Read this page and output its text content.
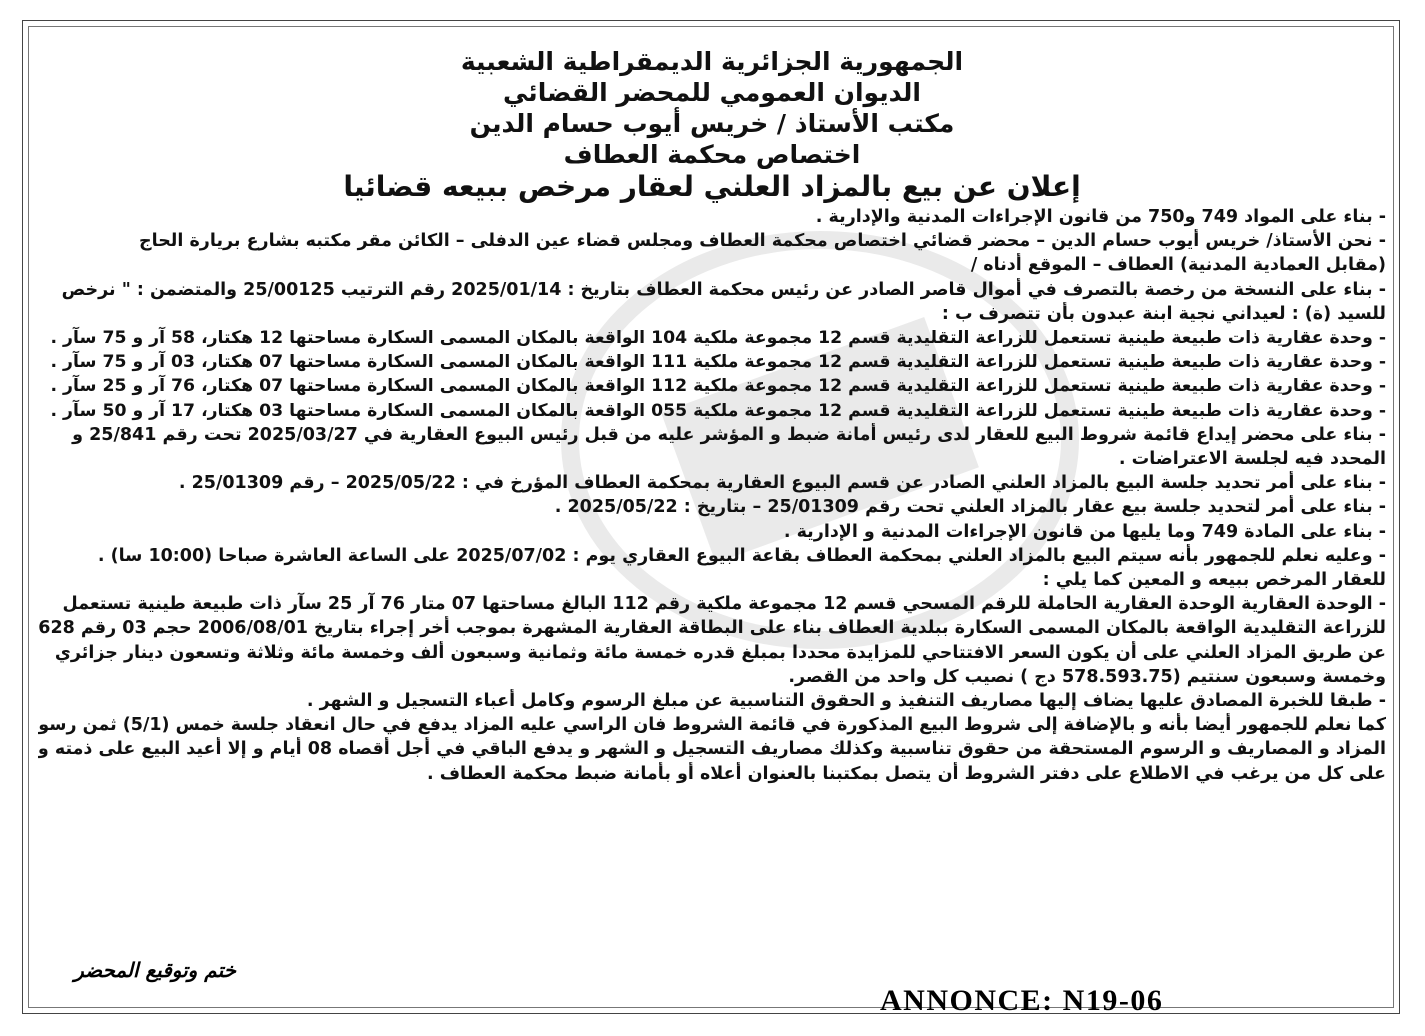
الجمهورية الجزائرية الديمقراطية الشعبية
الديوان العمومي للمحضر القضائي
مكتب الأستاذ / خريس أيوب حسام الدين
اختصاص محكمة العطاف
إعلان عن بيع بالمزاد العلني لعقار مرخص ببيعه قضائيا
- بناء على المواد 749 و750 من قانون الإجراءات المدنية والإدارية .
- نحن الأستاذ/ خريس أيوب حسام الدين – محضر قضائي اختصاص محكمة العطاف ومجلس قضاء عين الدفلى – الكائن مقر مكتبه بشارع بريارة الحاج
(مقابل العمادية المدنية) العطاف – الموقع أدناه /
- بناء على النسخة من رخصة بالتصرف في أموال قاصر الصادر عن رئيس محكمة العطاف بتاريخ : 2025/01/14 رقم الترتيب 25/00125 والمتضمن : " نرخص
للسيد (ة) : لعيداني نجية ابنة عبدون بأن تتصرف ب :
- وحدة عقارية ذات طبيعة طينية تستعمل للزراعة التقليدية قسم 12 مجموعة ملكية 104 الواقعة بالمكان المسمى السكارة مساحتها 12 هكتار، 58 آر و 75 سآر .
- وحدة عقارية ذات طبيعة طينية تستعمل للزراعة التقليدية قسم 12 مجموعة ملكية 111 الواقعة بالمكان المسمى السكارة مساحتها 07 هكتار، 03 آر و 75 سآر .
- وحدة عقارية ذات طبيعة طينية تستعمل للزراعة التقليدية قسم 12 مجموعة ملكية 112 الواقعة بالمكان المسمى السكارة مساحتها 07 هكتار، 76 آر و 25 سآر .
- وحدة عقارية ذات طبيعة طينية تستعمل للزراعة التقليدية قسم 12 مجموعة ملكية 055 الواقعة بالمكان المسمى السكارة مساحتها 03 هكتار، 17 آر و 50 سآر .
- بناء على محضر إيداع قائمة شروط البيع للعقار لدى رئيس أمانة ضبط و المؤشر عليه من قبل رئيس البيوع العقارية في 2025/03/27 تحت رقم 25/841 و
المحدد فيه لجلسة الاعتراضات .
- بناء على أمر تحديد جلسة البيع بالمزاد العلني الصادر عن قسم البيوع العقارية بمحكمة العطاف المؤرخ في : 2025/05/22 – رقم 25/01309 .
- بناء على أمر لتحديد جلسة بيع عقار بالمزاد العلني تحت رقم 25/01309 – بتاريخ : 2025/05/22 .
- بناء على المادة 749 وما يليها من قانون الإجراءات المدنية و الإدارية .
- وعليه نعلم للجمهور بأنه سيتم البيع بالمزاد العلني بمحكمة العطاف بقاعة البيوع العقاري يوم : 2025/07/02 على الساعة العاشرة صباحا (10:00 سا) .
للعقار المرخص ببيعه و المعين كما يلي :
- الوحدة العقارية الوحدة العقارية الحاملة للرقم المسحي قسم 12 مجموعة ملكية رقم 112 البالغ مساحتها 07 متار 76 آر 25 سآر ذات طبيعة طينية تستعمل
للزراعة التقليدية الواقعة بالمكان المسمى السكارة ببلدية العطاف بناء على البطاقة العقارية المشهرة بموجب أخر إجراء بتاريخ 2006/08/01 حجم 03 رقم 628
عن طريق المزاد العلني على أن يكون السعر الافتتاحي للمزايدة محددا بمبلغ قدره خمسة مائة وثمانية وسبعون ألف وخمسة مائة وثلاثة وتسعون دينار جزائري
وخمسة وسبعون سنتيم (578.593.75 دج ) نصيب كل واحد من القصر.
- طبقا للخبرة المصادق عليها يضاف إليها مصاريف التنفيذ و الحقوق التناسبية عن مبلغ الرسوم وكامل أعباء التسجيل و الشهر .
كما نعلم للجمهور أيضا بأنه و بالإضافة إلى شروط البيع المذكورة في قائمة الشروط فان الراسي عليه المزاد يدفع في حال انعقاد جلسة خمس (5/1) ثمن رسو
المزاد و المصاريف و الرسوم المستحقة من حقوق تناسبية وكذلك مصاريف التسجيل و الشهر و يدفع الباقي في أجل أقصاه 08 أيام و إلا أعيد البيع على ذمته و
على كل من يرغب في الاطلاع على دفتر الشروط أن يتصل بمكتبنا بالعنوان أعلاه أو بأمانة ضبط محكمة العطاف .
ختم وتوقيع المحضر
ANNONCE: N19-06
